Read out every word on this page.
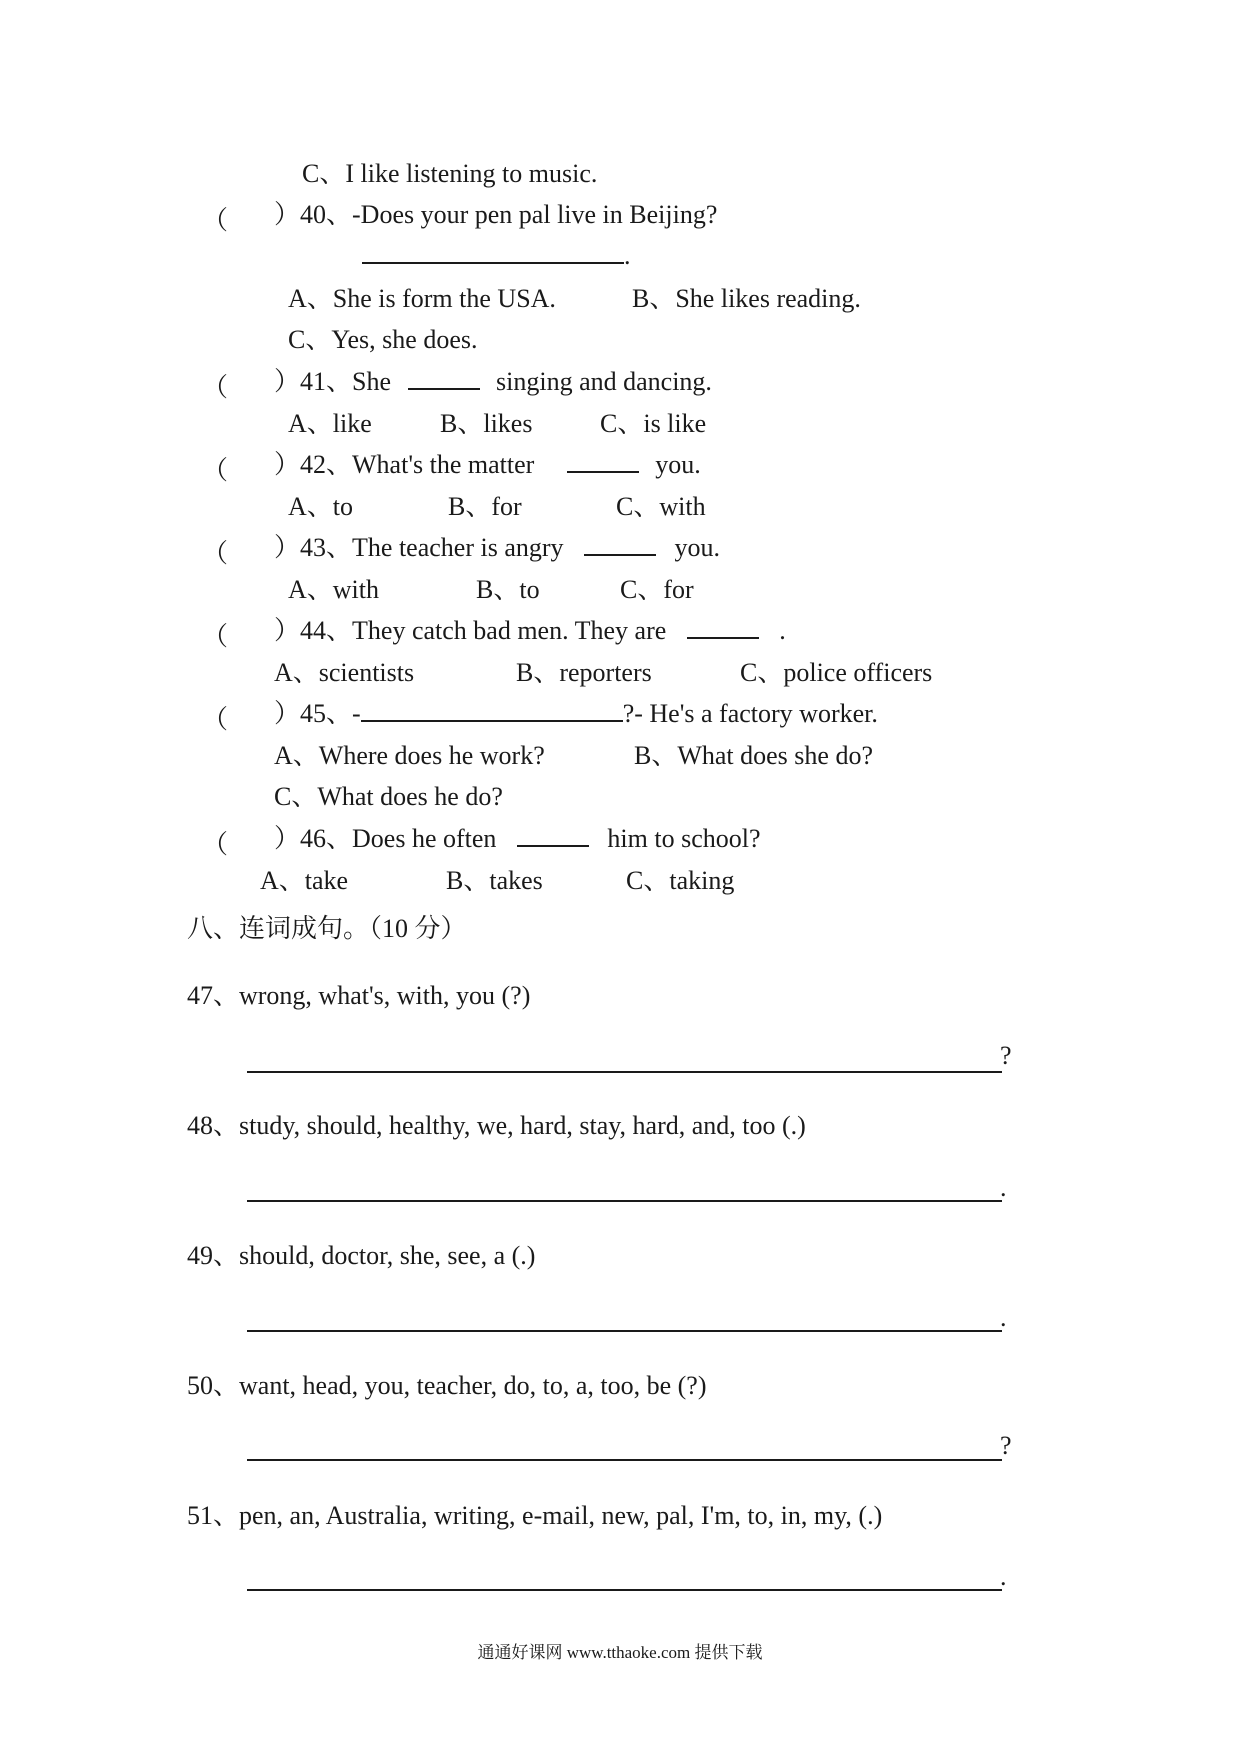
C、I like listening to music.
（ ）40、-Does your pen pal live in Beijing?
.
A、She is form the USA.	B、She likes reading.
C、Yes, she does.
（ ）41、She	singing and dancing.
A、like	B、likes	C、is like
（ ）42、What's the matter	you.
A、to	B、for	C、with
（ ）43、The teacher is angry	you.
A、with	B、to	C、for
（ ）44、They catch bad men. They are	.
A、scientists	B、reporters	C、police officers
（ ）45、-	?- He's a factory worker.
A、Where does he work?	B、What does she do?
C、What does he do?
（ ）46、Does he often	him to school?
A、take	B、takes	C、taking
八、连词成句。（10 分）
47、wrong, what's, with, you (?)
?
48、study, should, healthy, we, hard, stay, hard, and, too (.)
.
49、should, doctor, she, see, a (.)
.
50、want, head, you, teacher, do, to, a, too, be (?)
?
51、pen, an, Australia, writing, e-mail, new, pal, I'm, to, in, my, (.)
.
通通好课网 www.tthaoke.com 提供下载
